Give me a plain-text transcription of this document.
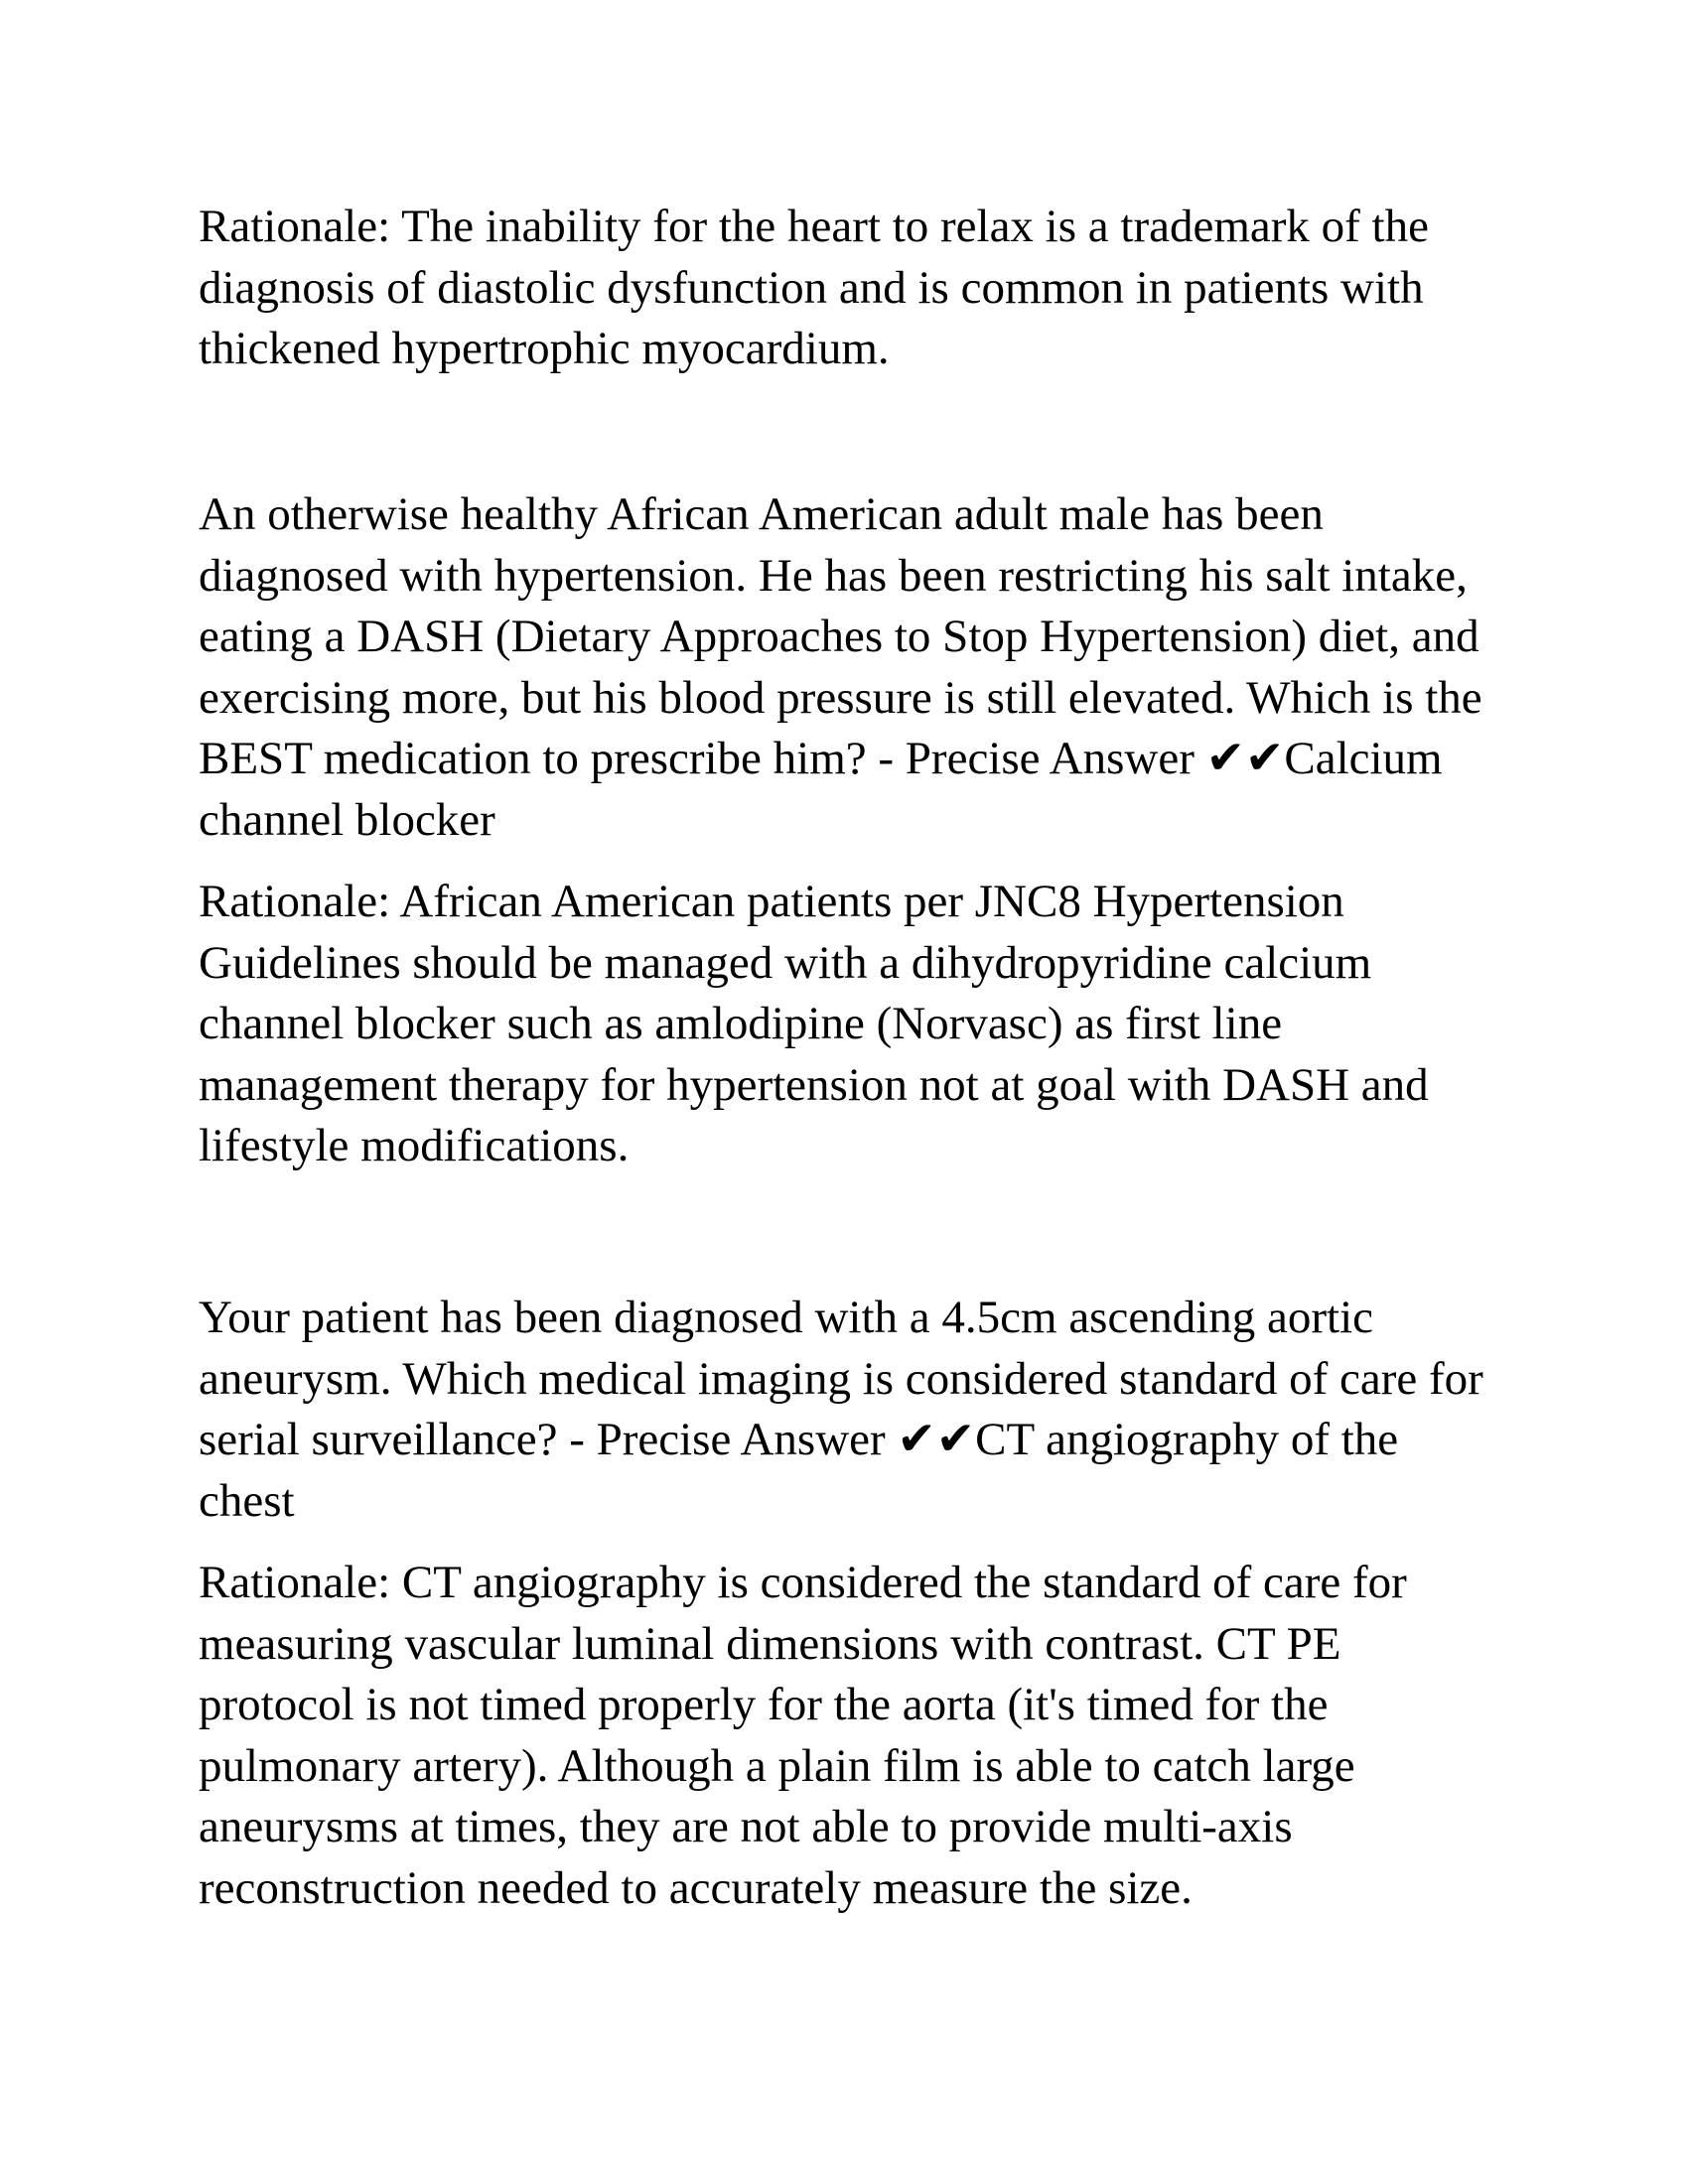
Rationale: The inability for the heart to relax is a trademark of the diagnosis of diastolic dysfunction and is common in patients with thickened hypertrophic myocardium.

An otherwise healthy African American adult male has been diagnosed with hypertension. He has been restricting his salt intake, eating a DASH (Dietary Approaches to Stop Hypertension) diet, and exercising more, but his blood pressure is still elevated. Which is the BEST medication to prescribe him? - Precise Answer ✔✔Calcium channel blocker

Rationale: African American patients per JNC8 Hypertension Guidelines should be managed with a dihydropyridine calcium channel blocker such as amlodipine (Norvasc) as first line management therapy for hypertension not at goal with DASH and lifestyle modifications.

Your patient has been diagnosed with a 4.5cm ascending aortic aneurysm. Which medical imaging is considered standard of care for serial surveillance? - Precise Answer ✔✔CT angiography of the chest

Rationale: CT angiography is considered the standard of care for measuring vascular luminal dimensions with contrast. CT PE protocol is not timed properly for the aorta (it's timed for the pulmonary artery). Although a plain film is able to catch large aneurysms at times, they are not able to provide multi-axis reconstruction needed to accurately measure the size.
